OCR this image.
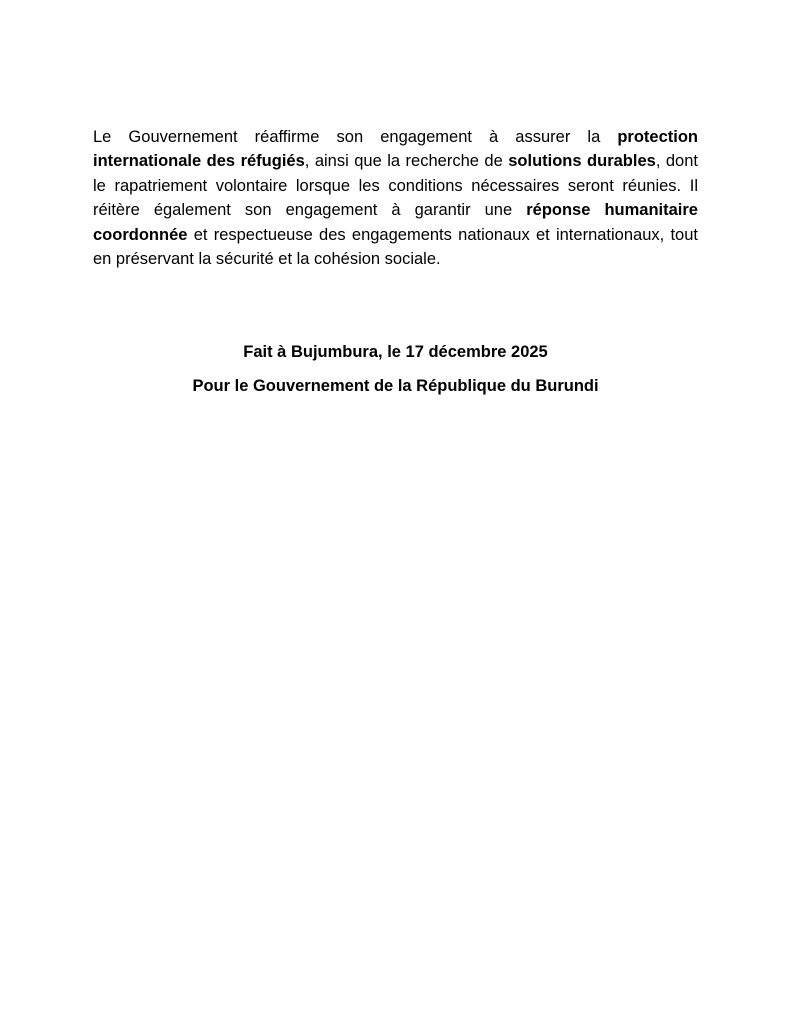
Le Gouvernement réaffirme son engagement à assurer la protection internationale des réfugiés, ainsi que la recherche de solutions durables, dont le rapatriement volontaire lorsque les conditions nécessaires seront réunies. Il réitère également son engagement à garantir une réponse humanitaire coordonnée et respectueuse des engagements nationaux et internationaux, tout en préservant la sécurité et la cohésion sociale.

Fait à Bujumbura, le 17 décembre 2025

Pour le Gouvernement de la République du Burundi
